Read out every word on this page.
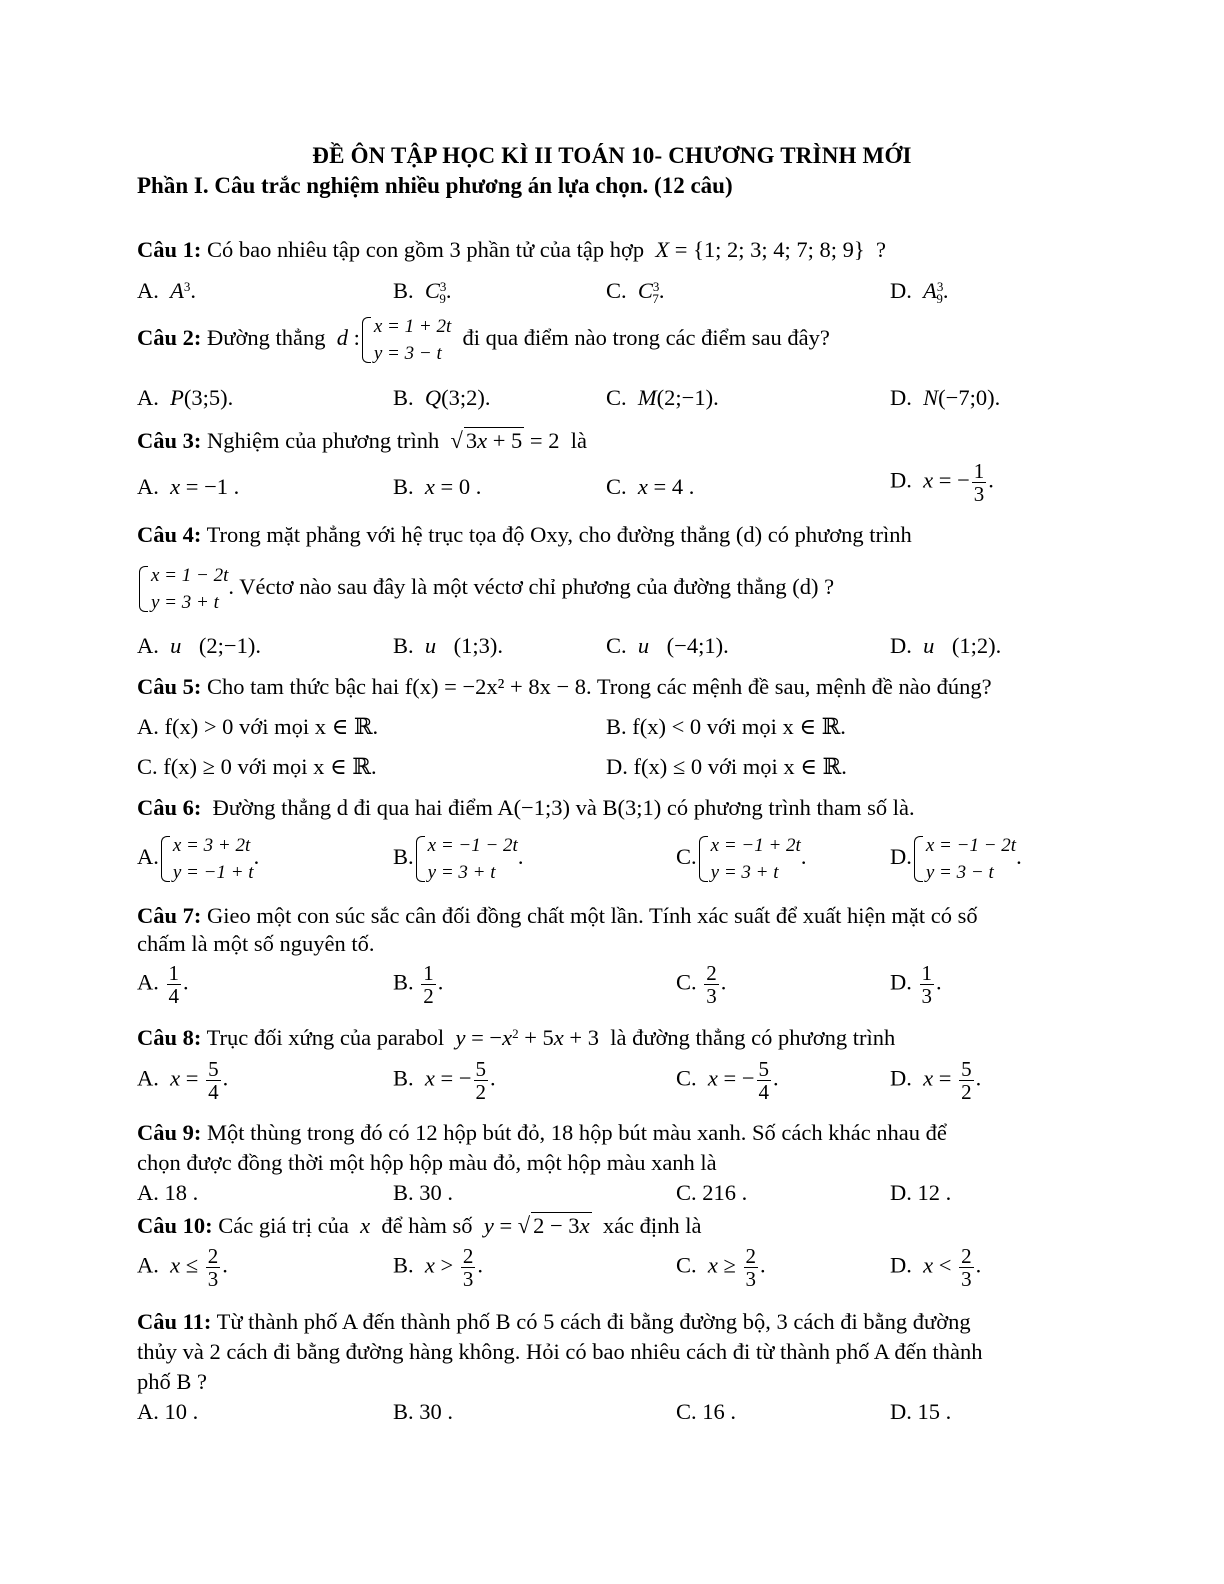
ĐỀ ÔN TẬP HỌC KÌ II TOÁN 10- CHƯƠNG TRÌNH MỚI
Phần I. Câu trắc nghiệm nhiều phương án lựa chọn. (12 câu)
Câu 1: Có bao nhiêu tập con gồm 3 phần tử của tập hợp X = {1; 2; 3; 4; 7; 8; 9}  ?
A.  $A^3$.	B.  $C^3_9$.	C.  $C^3_7$.	D.  $A^3_9$.
Câu 2: Đường thẳng d : x = 1 + 2t
y = 3 − t
đi qua điểm nào trong các điểm sau đây?
A.  P(3;5).	B.  Q(3;2).	C.  M(2;−1).	D.  N(−7;0).
Câu 3: Nghiệm của phương trình  √ 3x + 5 = 2  là
A.  x = −1 .	B.  x = 0 .	C.  x = 4 .	D.  x = − $\frac{1}{3}$ .
Câu 4: Trong mặt phẳng với hệ trục tọa độ Oxy, cho đường thẳng (d) có phương trình
x = 1 − 2t
y = 3 + t
. Véctơ nào sau đây là một véctơ chỉ phương của đường thẳng (d) ?
A.  u⃗(2;−1).	B.  u⃗(1;3).	C.  u⃗(−4;1).	D.  u⃗(1;2).
Câu 5: Cho tam thức bậc hai f(x) = −2x² + 8x − 8. Trong các mệnh đề sau, mệnh đề nào đúng?
A. f(x) > 0 với mọi x ∈ ℝ.	B. f(x) < 0 với mọi x ∈ ℝ.
C. f(x) ≥ 0 với mọi x ∈ ℝ.	D. f(x) ≤ 0 với mọi x ∈ ℝ.
Câu 6: Đường thẳng d đi qua hai điểm A(−1;3) và B(3;1) có phương trình tham số là.
A. x = 3 + 2t
y = −1 + t
.	B. x = −1 − 2t
y = 3 + t
.	C. x = −1 + 2t
y = 3 + t
.	D. x = −1 − 2t
y = 3 − t
.
Câu 7: Gieo một con súc sắc cân đối đồng chất một lần. Tính xác suất để xuất hiện mặt có số
chấm là một số nguyên tố.
A. $\frac{1}{4}$ .	B. $\frac{1}{2}$ .	C. $\frac{2}{3}$ .	D. $\frac{1}{3}$ .
Câu 8: Trục đối xứng của parabol  $y = -x^2 + 5x + 3$  là đường thẳng có phương trình
A.  $x = \frac{5}{4}$ .	B.  x = − $\frac{5}{2}$ .	C.  x = − $\frac{5}{4}$ .	D.  $x = \frac{5}{2}$ .
Câu 9: Một thùng trong đó có 12 hộp bút đỏ, 18 hộp bút màu xanh. Số cách khác nhau để
chọn được đồng thời một hộp hộp màu đỏ, một hộp màu xanh là
A. 18 .	B. 30 .	C. 216 .	D. 12 .
Câu 10: Các giá trị của  x  để hàm số  y = √ 2 − 3x  xác định là
A.  $x \le \frac{2}{3}$ .	B.  $x > \frac{2}{3}$ .	C.  $x \ge \frac{2}{3}$ .	D.  $x < \frac{2}{3}$ .
Câu 11: Từ thành phố A đến thành phố B có 5 cách đi bằng đường bộ, 3 cách đi bằng đường
thủy và 2 cách đi bằng đường hàng không. Hỏi có bao nhiêu cách đi từ thành phố A đến thành
phố B ?
A. 10 .	B. 30 .	C. 16 .	D. 15 .
